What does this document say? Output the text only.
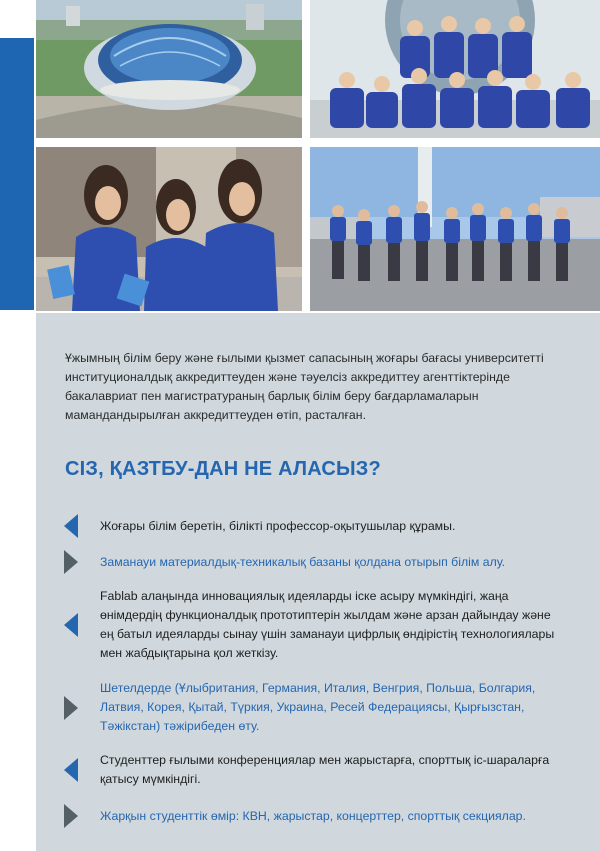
Ұжымның білім беру және ғылыми қызмет сапасының жоғары бағасы университетті институционалдық аккредиттеуден және тәуелсіз аккредиттеу агенттіктерінде бакалавриат пен магистратураның барлық білім беру бағдарламаларын мамандандырылған аккредиттеуден өтіп, расталған.

СІЗ, ҚАЗТБУ-ДАН НЕ АЛАСЫЗ?

Жоғары білім беретін, білікті профессор-оқытушылар құрамы.

Заманауи материалдық-техникалық базаны қолдана отырып білім алу.

Fablab алаңында инновациялық идеяларды іске асыру мүмкіндігі, жаңа өнімдердің функционалдық прототиптерін жылдам және арзан дайындау және ең батыл идеяларды сынау үшін заманауи цифрлық өндірістің технологиялары мен жабдықтарына қол жеткізу.

Шетелдерде (Ұлыбритания, Германия, Италия, Венгрия, Польша, Болгария, Латвия, Корея, Қытай, Түркия, Украина, Ресей Федерациясы, Қырғызстан, Тәжікстан) тәжірибеден өту.

Студенттер ғылыми конференциялар мен жарыстарға, спорттық іс-шараларға қатысу мүмкіндігі.

Жарқын студенттік өмір: КВН, жарыстар, концерттер, спорттық секциялар.
